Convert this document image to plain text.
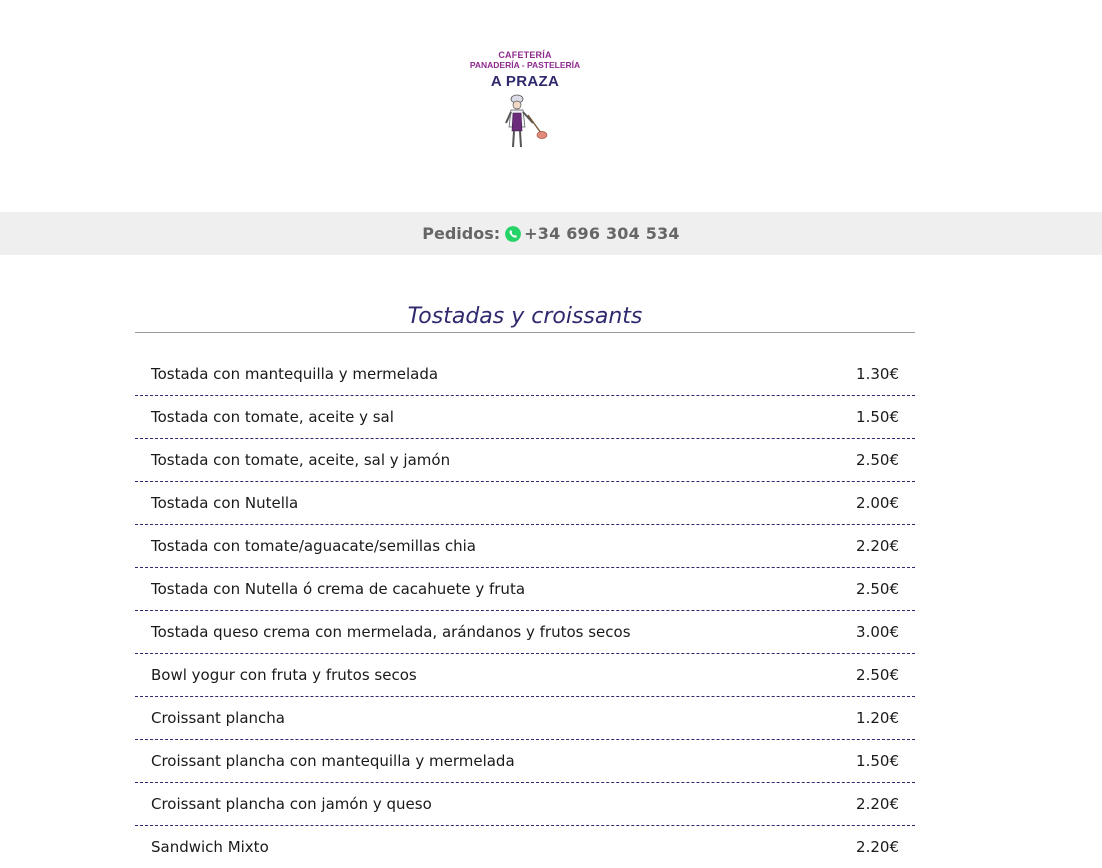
CAFETERÍA
PANADERÍA - PASTELERÍA
A PRAZA
Pedidos: +34 696 304 534
Tostadas y croissants
Tostada con mantequilla y mermelada	1.30€
Tostada con tomate, aceite y sal	1.50€
Tostada con tomate, aceite, sal y jamón	2.50€
Tostada con Nutella	2.00€
Tostada con tomate/aguacate/semillas chia	2.20€
Tostada con Nutella ó crema de cacahuete y fruta	2.50€
Tostada queso crema con mermelada, arándanos y frutos secos	3.00€
Bowl yogur con fruta y frutos secos	2.50€
Croissant plancha	1.20€
Croissant plancha con mantequilla y mermelada	1.50€
Croissant plancha con jamón y queso	2.20€
Sandwich Mixto	2.20€
